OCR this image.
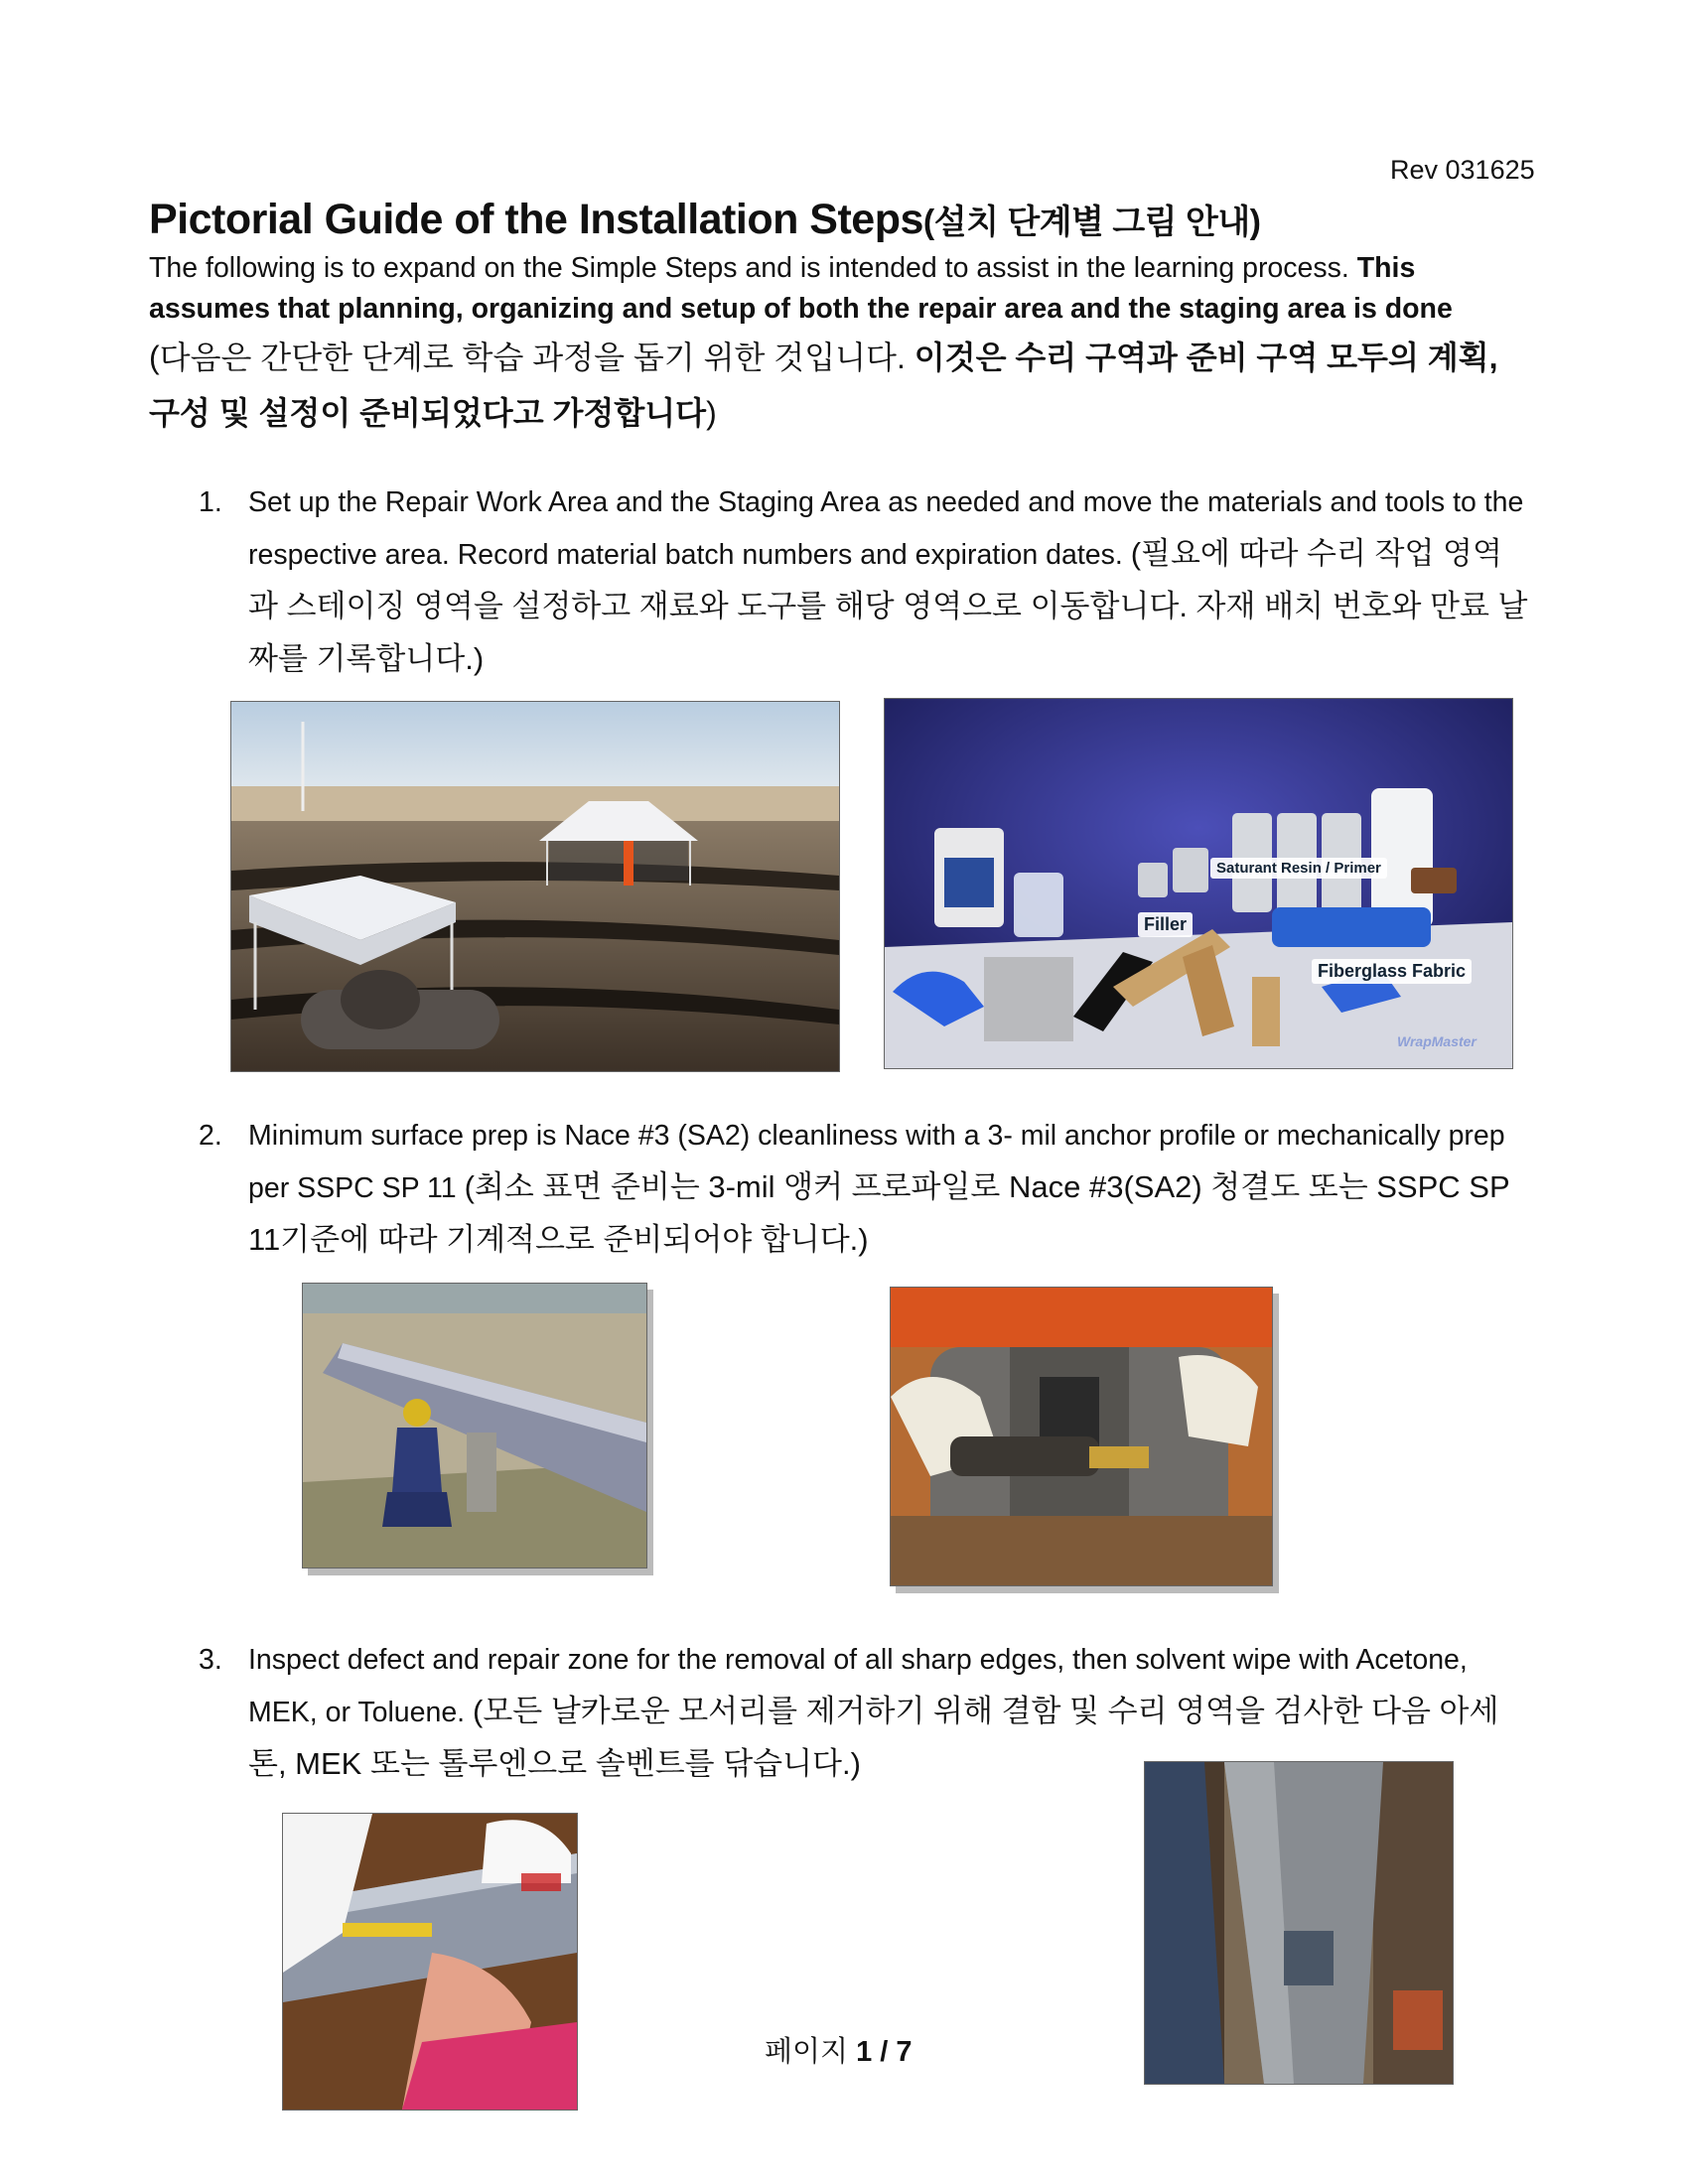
Rev 031625
Pictorial Guide of the Installation Steps(설치 단계별 그림 안내)
The following is to expand on the Simple Steps and is intended to assist in the learning process. This assumes that planning, organizing and setup of both the repair area and the staging area is done
(다음은 간단한 단계로 학습 과정을 돕기 위한 것입니다. 이것은 수리 구역과 준비 구역 모두의 계획, 구성 및 설정이 준비되었다고 가정합니다)
1. Set up the Repair Work Area and the Staging Area as needed and move the materials and tools to the respective area. Record material batch numbers and expiration dates. (필요에 따라 수리 작업 영역과 스테이징 영역을 설정하고 재료와 도구를 해당 영역으로 이동합니다. 자재 배치 번호와 만료 날짜를 기록합니다.)
Saturant Resin / Primer
Filler
Fiberglass Fabric
WrapMaster
2. Minimum surface prep is Nace #3 (SA2) cleanliness with a 3- mil anchor profile or mechanically prep per SSPC SP 11 (최소 표면 준비는 3-mil 앵커 프로파일로 Nace #3(SA2) 청결도 또는 SSPC SP 11기준에 따라 기계적으로 준비되어야 합니다.)
3. Inspect defect and repair zone for the removal of all sharp edges, then solvent wipe with Acetone, MEK, or Toluene. (모든 날카로운 모서리를 제거하기 위해 결함 및 수리 영역을 검사한 다음 아세톤, MEK 또는 톨루엔으로 솔벤트를 닦습니다.)
페이지 1 / 7
